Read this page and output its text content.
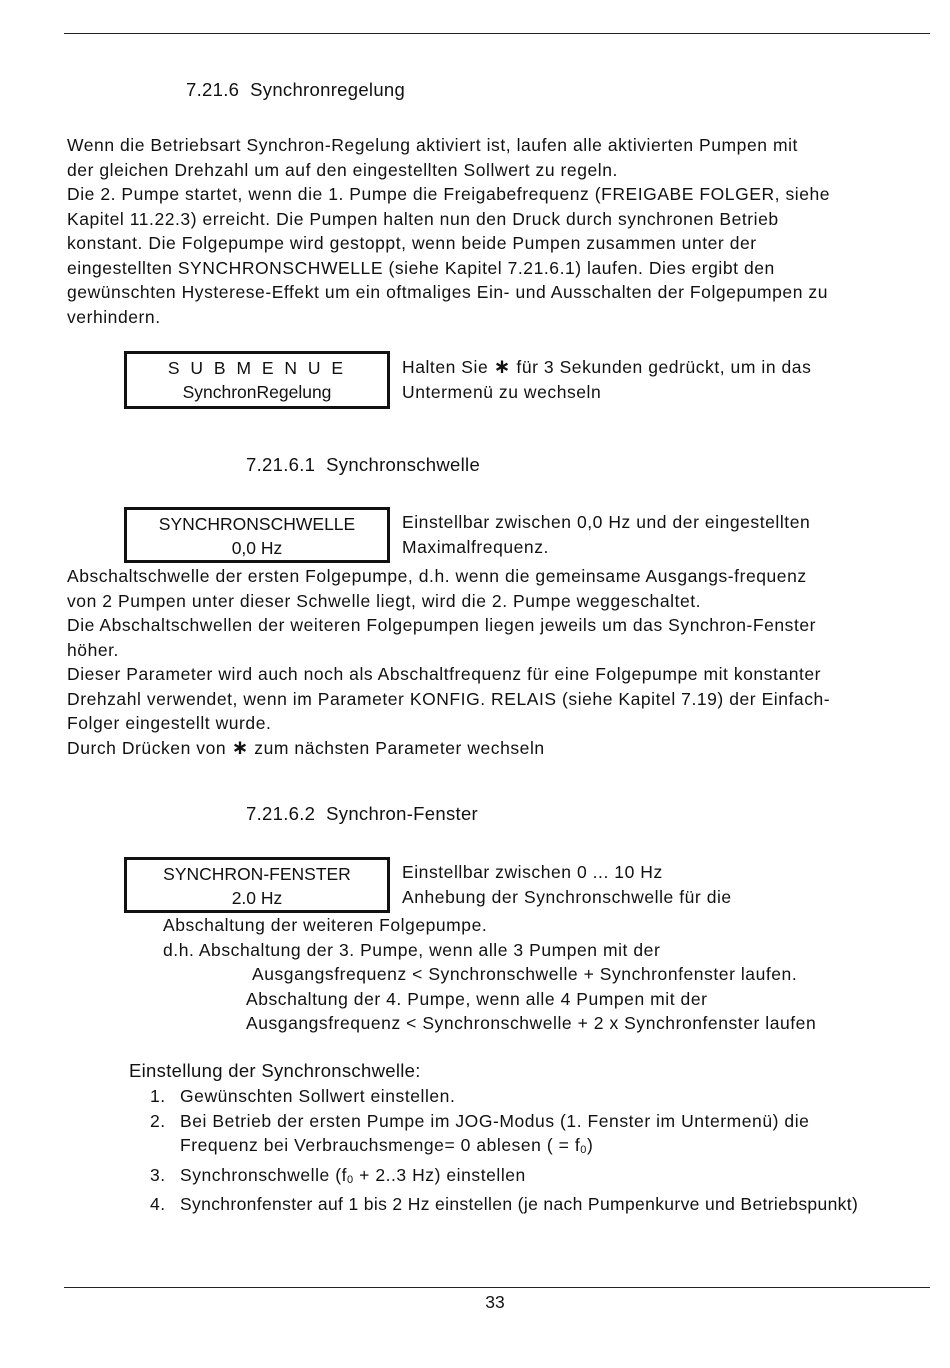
7.21.6 Synchronregelung
Wenn die Betriebsart Synchron-Regelung aktiviert ist, laufen alle aktivierten Pumpen mit
der gleichen Drehzahl um auf den eingestellten Sollwert zu regeln.
Die 2. Pumpe startet, wenn die 1. Pumpe die Freigabefrequenz (FREIGABE FOLGER, siehe
Kapitel 11.22.3) erreicht. Die Pumpen halten nun den Druck durch synchronen Betrieb
konstant. Die Folgepumpe wird gestoppt, wenn beide Pumpen zusammen unter der
eingestellten SYNCHRONSCHWELLE (siehe Kapitel 7.21.6.1) laufen. Dies ergibt den
gewünschten Hysterese-Effekt um ein oftmaliges Ein- und Ausschalten der Folgepumpen zu
verhindern.
S U B M E N U E
SynchronRegelung
Halten Sie ∗ für 3 Sekunden gedrückt, um in das
Untermenü zu wechseln
7.21.6.1 Synchronschwelle
SYNCHRONSCHWELLE
0,0 Hz
Einstellbar zwischen 0,0 Hz und der eingestellten
Maximalfrequenz.
Abschaltschwelle der ersten Folgepumpe, d.h. wenn die gemeinsame Ausgangs-frequenz
von 2 Pumpen unter dieser Schwelle liegt, wird die 2. Pumpe weggeschaltet.
Die Abschaltschwellen der weiteren Folgepumpen liegen jeweils um das Synchron-Fenster
höher.
Dieser Parameter wird auch noch als Abschaltfrequenz für eine Folgepumpe mit konstanter
Drehzahl verwendet, wenn im Parameter KONFIG. RELAIS (siehe Kapitel 7.19) der Einfach-
Folger eingestellt wurde.
Durch Drücken von ∗ zum nächsten Parameter wechseln
7.21.6.2 Synchron-Fenster
SYNCHRON-FENSTER
2.0 Hz
Einstellbar zwischen 0 ... 10 Hz
Anhebung der Synchronschwelle für die
Abschaltung der weiteren Folgepumpe.
d.h. Abschaltung der 3. Pumpe, wenn alle 3 Pumpen mit der
Ausgangsfrequenz < Synchronschwelle + Synchronfenster laufen.
Abschaltung der 4. Pumpe, wenn alle 4 Pumpen mit der
Ausgangsfrequenz < Synchronschwelle + 2 x Synchronfenster laufen
Einstellung der Synchronschwelle:
1. Gewünschten Sollwert einstellen.
2. Bei Betrieb der ersten Pumpe im JOG-Modus (1. Fenster im Untermenü) die
Frequenz bei Verbrauchsmenge= 0 ablesen ( = $f_0$)
3. Synchronschwelle ($f_0 + 2..3$ Hz) einstellen
4. Synchronfenster auf 1 bis 2 Hz einstellen (je nach Pumpenkurve und Betriebspunkt)
33
